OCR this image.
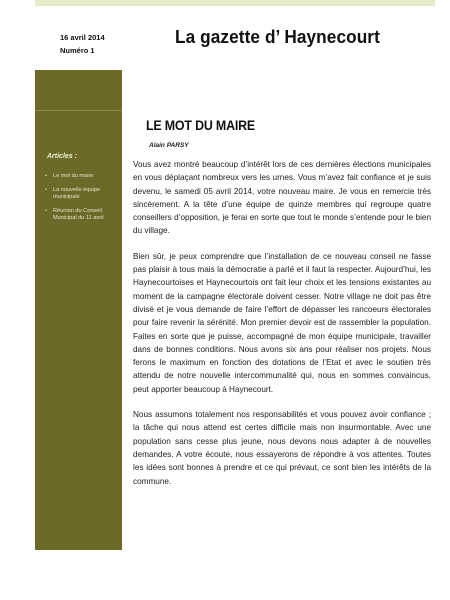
16 avril 2014
Numéro 1
La gazette d’ Haynecourt
Articles :
• Le mot du maire
• La nouvelle équipe municipale
• Réunion du Conseil Municipal du 11 avril
LE MOT DU MAIRE
Alain PARSY

Vous avez montré beaucoup d’intérêt lors de ces dernières élections municipales en vous déplaçant nombreux vers les urnes. Vous m’avez fait confiance et je suis devenu, le samedi 05 avril 2014, votre nouveau maire. Je vous en remercie très sincèrement. A la tête d’une équipe de quinze membres qui regroupe quatre conseillers d’opposition, je ferai en sorte que tout le monde s’entende pour le bien du village.

Bien sûr, je peux comprendre que l’installation de ce nouveau conseil ne fasse pas plaisir à tous mais la démocratie a parlé et il faut la respecter. Aujourd’hui, les Haynecourtoises et Haynecourtois ont fait leur choix et les tensions existantes au moment de la campagne électorale doivent cesser. Notre village ne doit pas être divisé et je vous demande de faire l’effort de dépasser les rancoeurs électorales pour faire revenir la sérénité. Mon premier devoir est de rassembler la population. Faites en sorte que je puisse, accompagné de mon équipe municipale, travailler dans de bonnes conditions. Nous avons six ans pour réaliser nos projets. Nous ferons le maximum en fonction des dotations de l’Etat et avec le soutien très attendu de notre nouvelle intercommunalité qui, nous en sommes convaincus, peut apporter beaucoup à Haynecourt.

Nous assumons totalement nos responsabilités et vous pouvez avoir confiance ; la tâche qui nous attend est certes difficile mais non insurmontable. Avec une population sans cesse plus jeune, nous devons nous adapter à de nouvelles demandes. A votre écoute, nous essayerons de répondre à vos attentes. Toutes les idées sont bonnes à prendre et ce qui prévaut, ce sont bien les intérêts de la commune.
